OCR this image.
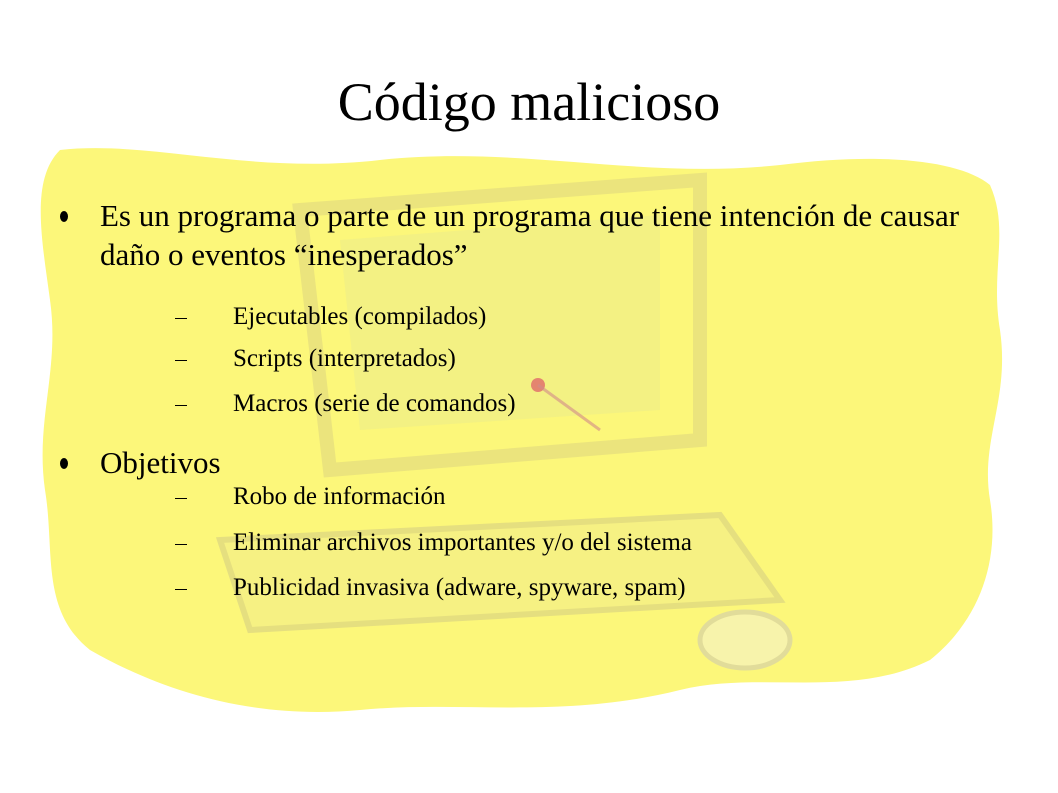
Código malicioso
Es un programa o parte de un programa que tiene intención de causar daño o eventos “inesperados”
Ejecutables (compilados)
Scripts (interpretados)
Macros (serie de comandos)
Objetivos
Robo de información
Eliminar archivos importantes y/o del sistema
Publicidad invasiva (adware, spyware, spam)
